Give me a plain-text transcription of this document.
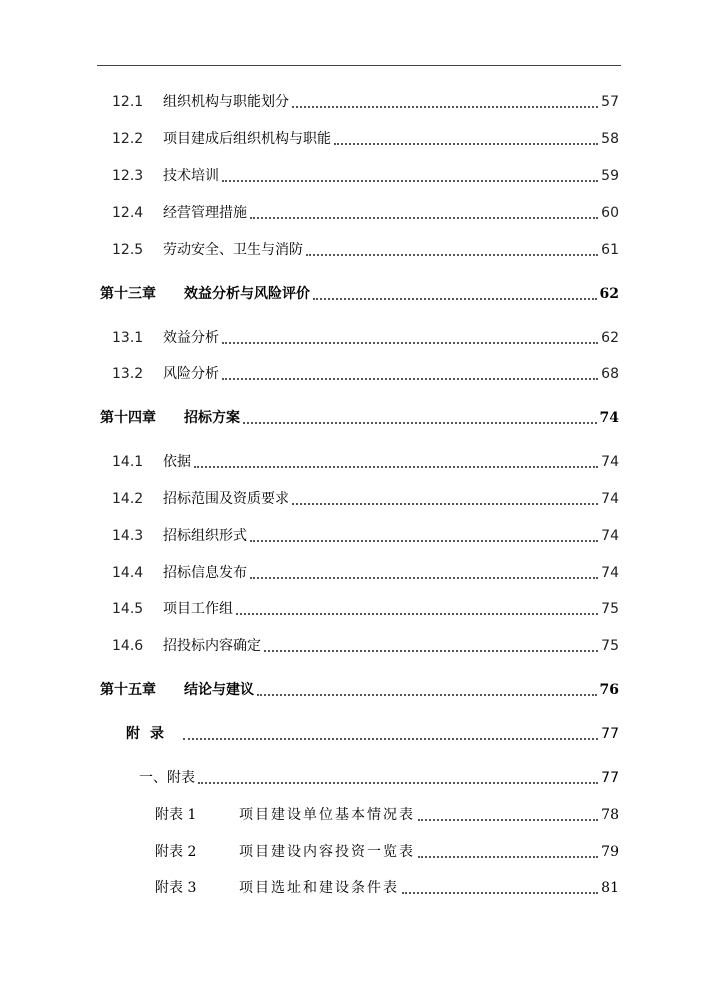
12.1	组织机构与职能划分	57
12.2	项目建成后组织机构与职能	58
12.3	技术培训	59
12.4	经营管理措施	60
12.5	劳动安全、卫生与消防	61
第十三章	效益分析与风险评价	62
13.1	效益分析	62
13.2	风险分析	68
第十四章	招标方案	74
14.1	依据	74
14.2	招标范围及资质要求	74
14.3	招标组织形式	74
14.4	招标信息发布	74
14.5	项目工作组	75
14.6	招投标内容确定	75
第十五章	结论与建议	76
附录	77
一、附表	77
附表 1	项目建设单位基本情况表	78
附表 2	项目建设内容投资一览表	79
附表 3	项目选址和建设条件表	81
